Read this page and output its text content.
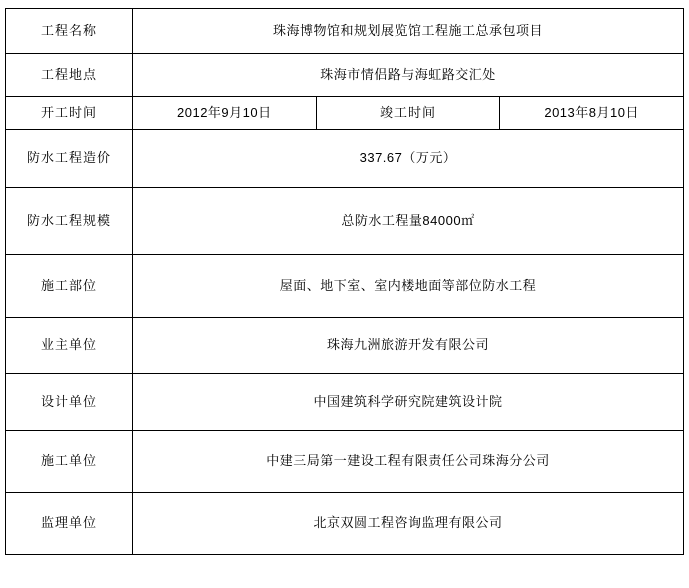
工程名称	珠海博物馆和规划展览馆工程施工总承包项目		
工程地点	珠海市情侣路与海虹路交汇处		
开工时间	2012年9月10日	竣工时间	2013年8月10日
防水工程造价	337.67（万元）		
防水工程规模	总防水工程量84000㎡		
施工部位	屋面、地下室、室内楼地面等部位防水工程		
业主单位	珠海九洲旅游开发有限公司		
设计单位	中国建筑科学研究院建筑设计院		
施工单位	中建三局第一建设工程有限责任公司珠海分公司		
监理单位	北京双圆工程咨询监理有限公司		
